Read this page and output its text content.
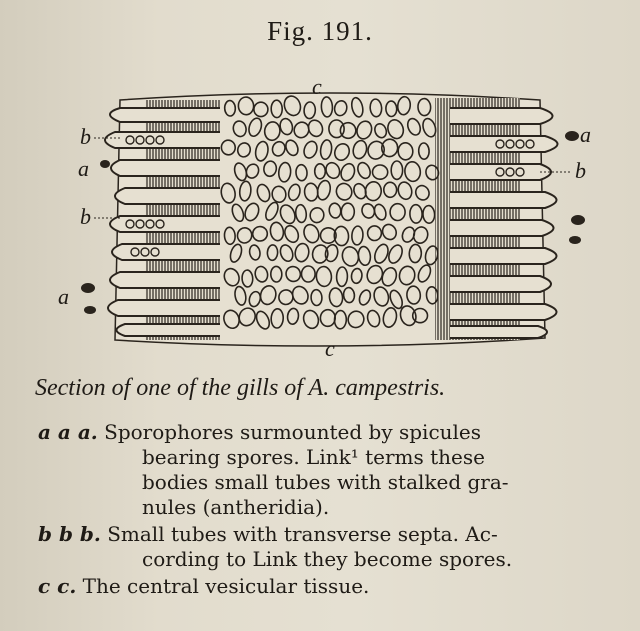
Fig. 191.
c
c
b
a
b
a
a
b
Section of one of the gills of A. campestris.
a a a. Sporophores surmounted by spicules
bearing spores. Link¹ terms these
bodies small tubes with stalked gra-
nules (antheridia).
b b b. Small tubes with transverse septa. Ac-
cording to Link they become spores.
c c. The central vesicular tissue.
